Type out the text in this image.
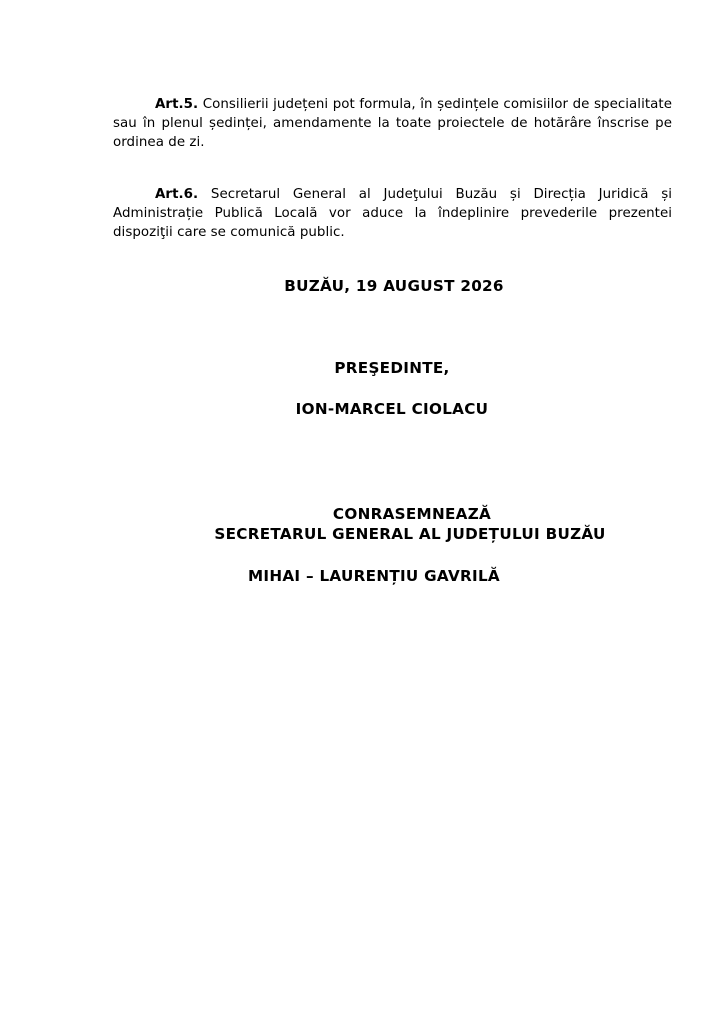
Art.5. Consilierii județeni pot formula, în ședințele comisiilor de specialitate sau în plenul ședinței, amendamente la toate proiectele de hotărâre înscrise pe ordinea de zi.

Art.6. Secretarul General al Judeţului Buzău și Direcția Juridică și Administrație Publică Locală vor aduce la îndeplinire prevederile prezentei dispoziţii care se comunică public.

BUZĂU, 19 AUGUST 2026
PREŞEDINTE,
ION-MARCEL CIOLACU
CONRASEMNEAZĂ
SECRETARUL GENERAL AL JUDEȚULUI BUZĂU
MIHAI – LAURENȚIU GAVRILĂ
